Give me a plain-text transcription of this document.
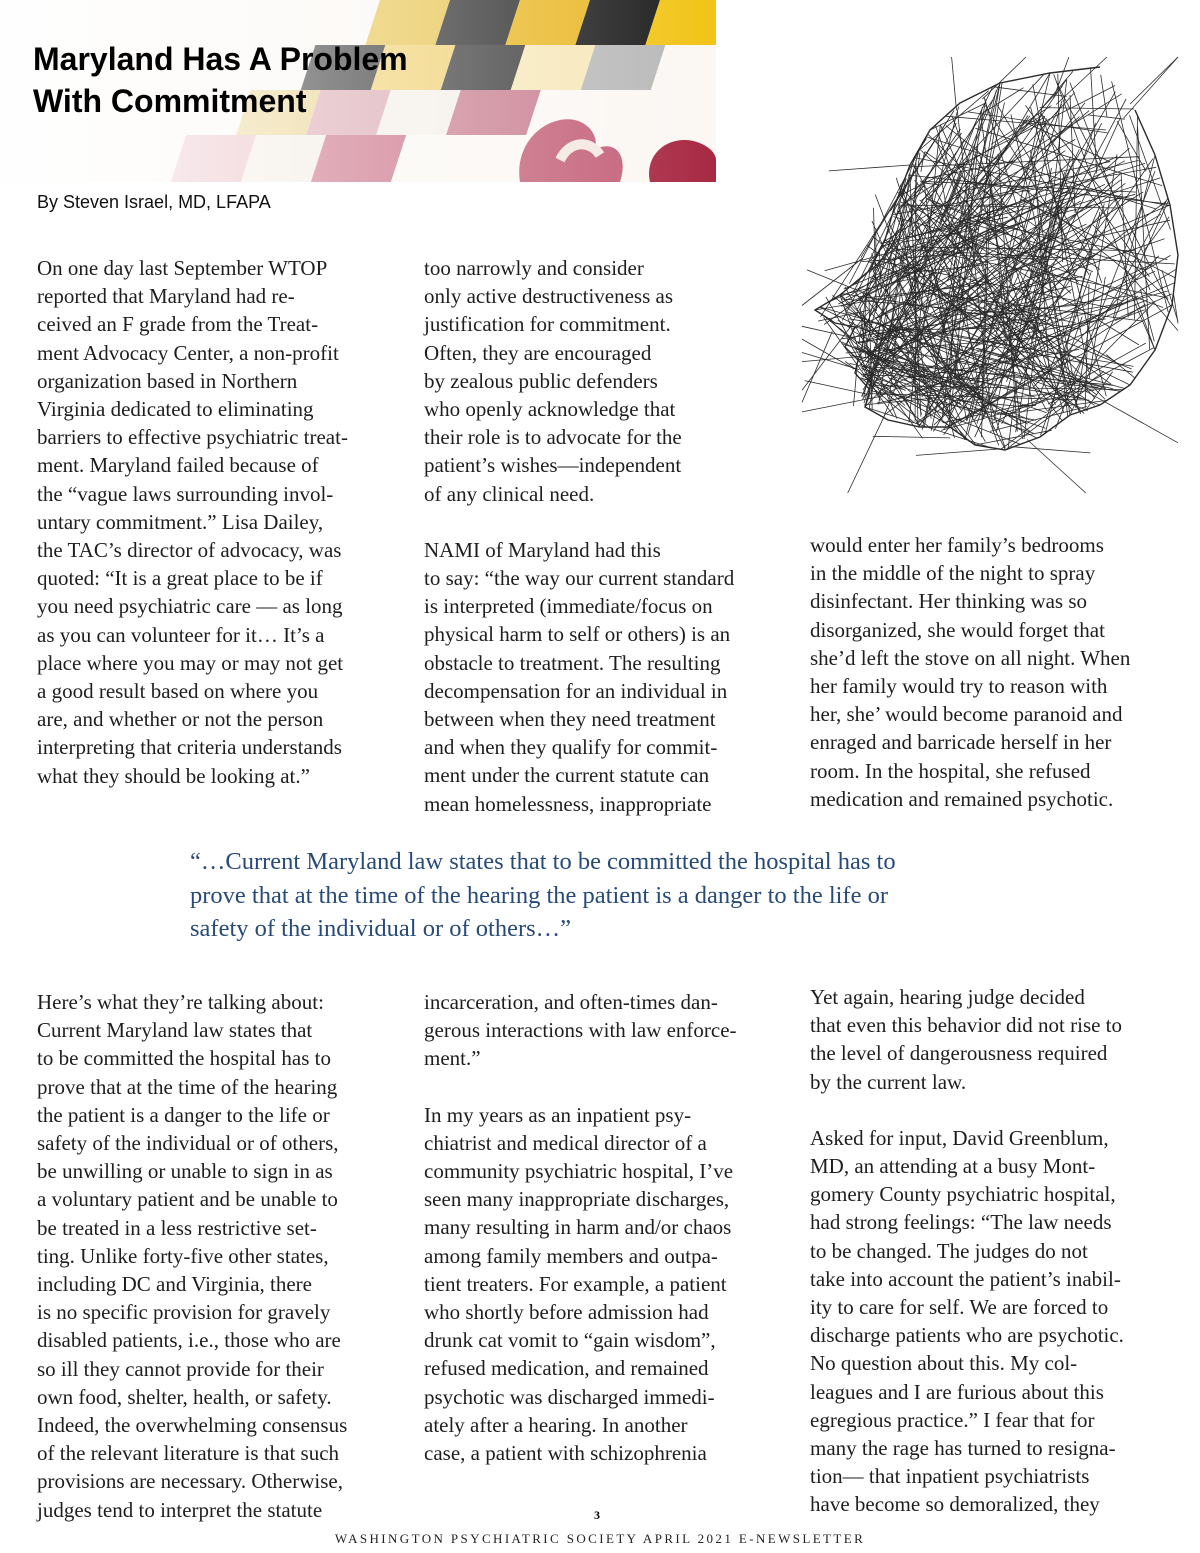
Maryland Has A Problem
With Commitment
By Steven Israel, MD, LFAPA

On one day last September WTOP
reported that Maryland had re-
ceived an F grade from the Treat-
ment Advocacy Center, a non-profit
organization based in Northern
Virginia dedicated to eliminating
barriers to effective psychiatric treat-
ment. Maryland failed because of
the “vague laws surrounding invol-
untary commitment.” Lisa Dailey,
the TAC’s director of advocacy, was
quoted: “It is a great place to be if
you need psychiatric care — as long
as you can volunteer for it… It’s a
place where you may or may not get
a good result based on where you
are, and whether or not the person
interpreting that criteria understands
what they should be looking at.”

too narrowly and consider
only active destructiveness as
justification for commitment.
Often, they are encouraged
by zealous public defenders
who openly acknowledge that
their role is to advocate for the
patient’s wishes—independent
of any clinical need.

NAMI of Maryland had this
to say: “the way our current standard
is interpreted (immediate/focus on
physical harm to self or others) is an
obstacle to treatment. The resulting
decompensation for an individual in
between when they need treatment
and when they qualify for commit-
ment under the current statute can
mean homelessness, inappropriate

would enter her family’s bedrooms
in the middle of the night to spray
disinfectant. Her thinking was so
disorganized, she would forget that
she’d left the stove on all night. When
her family would try to reason with
her, she’ would become paranoid and
enraged and barricade herself in her
room. In the hospital, she refused
medication and remained psychotic.

“…Current Maryland law states that to be committed the hospital has to
prove that at the time of the hearing the patient is a danger to the life or
safety of the individual or of others…”

Here’s what they’re talking about:
Current Maryland law states that
to be committed the hospital has to
prove that at the time of the hearing
the patient is a danger to the life or
safety of the individual or of others,
be unwilling or unable to sign in as
a voluntary patient and be unable to
be treated in a less restrictive set-
ting. Unlike forty-five other states,
including DC and Virginia, there
is no specific provision for gravely
disabled patients, i.e., those who are
so ill they cannot provide for their
own food, shelter, health, or safety.
Indeed, the overwhelming consensus
of the relevant literature is that such
provisions are necessary. Otherwise,
judges tend to interpret the statute

incarceration, and often-times dan-
gerous interactions with law enforce-
ment.”

In my years as an inpatient psy-
chiatrist and medical director of a
community psychiatric hospital, I’ve
seen many inappropriate discharges,
many resulting in harm and/or chaos
among family members and outpa-
tient treaters. For example, a patient
who shortly before admission had
drunk cat vomit to “gain wisdom”,
refused medication, and remained
psychotic was discharged immedi-
ately after a hearing. In another
case, a patient with schizophrenia

Yet again, hearing judge decided
that even this behavior did not rise to
the level of dangerousness required
by the current law.

Asked for input, David Greenblum,
MD, an attending at a busy Mont-
gomery County psychiatric hospital,
had strong feelings: “The law needs
to be changed. The judges do not
take into account the patient’s inabil-
ity to care for self. We are forced to
discharge patients who are psychotic.
No question about this. My col-
leagues and I are furious about this
egregious practice.” I fear that for
many the rage has turned to resigna-
tion— that inpatient psychiatrists
have become so demoralized, they

3
WASHINGTON PSYCHIATRIC SOCIETY APRIL 2021 E-NEWSLETTER
